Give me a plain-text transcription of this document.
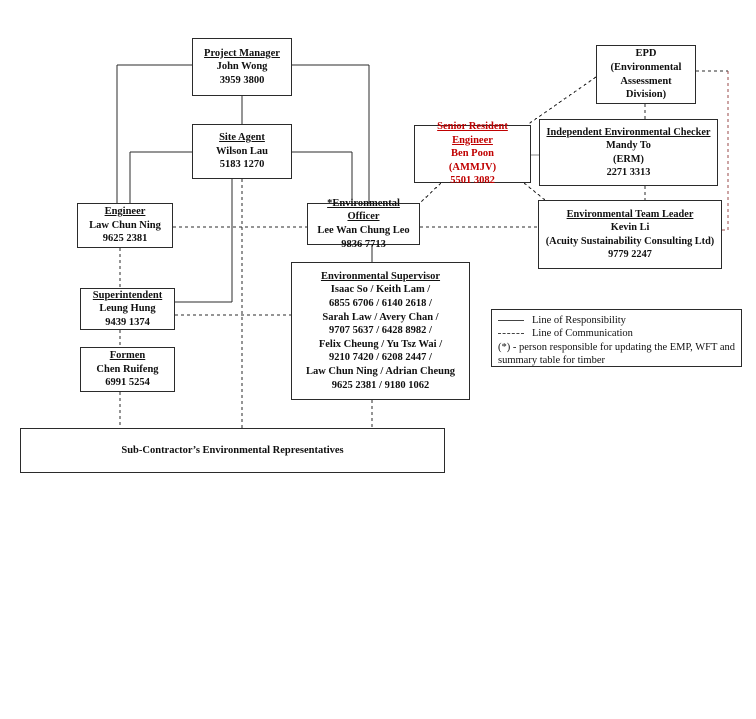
Project Manager
John Wong
3959 3800
Site Agent
Wilson Lau
5183 1270
EPD (Environmental
Assessment Division)
Senior Resident Engineer
Ben Poon
(AMMJV)
5501 3082
Independent Environmental Checker
Mandy To
(ERM)
2271 3313
Engineer
Law Chun Ning
9625 2381
*Environmental Officer
Lee Wan Chung Leo
9836 7713
Environmental Team Leader
Kevin Li
(Acuity Sustainability Consulting Ltd)
9779 2247
Superintendent
Leung Hung
9439 1374
Formen
Chen Ruifeng
6991 5254
Environmental Supervisor
Isaac So / Keith Lam /
6855 6706 / 6140 2618 /
Sarah Law / Avery Chan /
9707 5637 / 6428 8982 /
Felix Cheung / Yu Tsz Wai /
9210 7420 / 6208 2447 /
Law Chun Ning / Adrian Cheung
9625 2381 / 9180 1062
Sub-Contractor’s Environmental Representatives
Line of Responsibility
Line of Communication
(*) - person responsible for updating the EMP, WFT and summary table for timber
